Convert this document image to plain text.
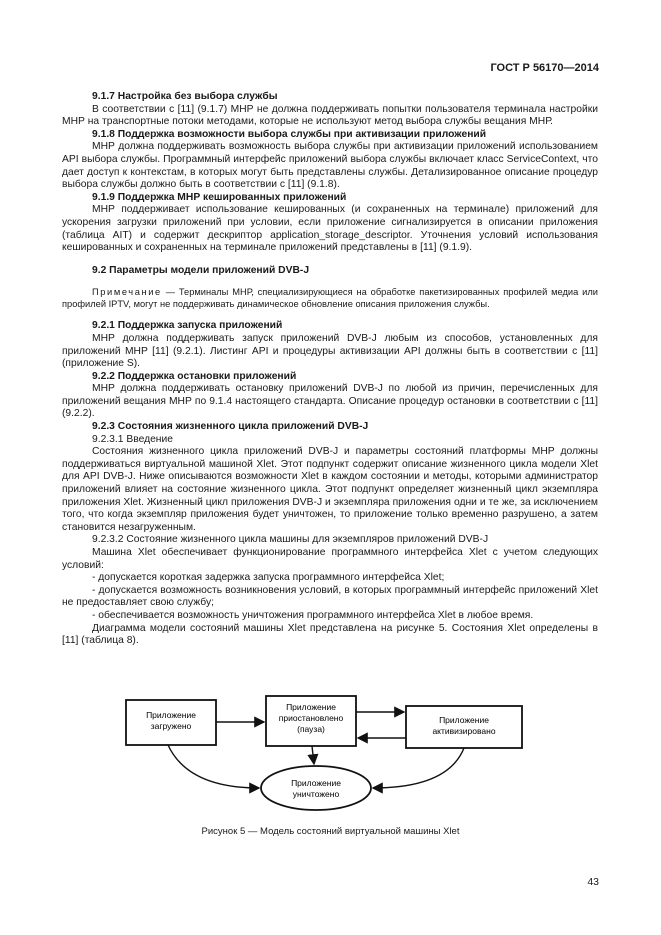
ГОСТ Р 56170—2014

9.1.7 Настройка без выбора службы

В соответствии с [11] (9.1.7) МНР не должна поддерживать попытки пользователя терминала настройки МНР на транспортные потоки методами, которые не используют метод выбора службы вещания МНР.

9.1.8 Поддержка возможности выбора службы при активизации приложений

МНР должна поддерживать возможность выбора службы при активизации приложений использованием API выбора службы. Программный интерфейс приложений выбора службы включает класс ServiceContext, что дает доступ к контекстам, в которых могут быть представлены службы. Детализированное описание процедур выбора службы должно быть в соответствии с [11] (9.1.8).

9.1.9 Поддержка МНР кешированных приложений

МНР поддерживает использование кешированных (и сохраненных на терминале) приложений для ускорения загрузки приложений при условии, если приложение сигнализируется в описании приложения (таблица AIT) и содержит дескриптор application_storage_descriptor. Уточнения условий использования кешированных и сохраненных на терминале приложений представлены в [11] (9.1.9).

9.2 Параметры модели приложений DVB-J

Примечание — Терминалы МНР, специализирующиеся на обработке пакетизированных профилей медиа или профилей IPTV, могут не поддерживать динамическое обновление описания приложения службы.

9.2.1 Поддержка запуска приложений

МНР должна поддерживать запуск приложений DVB-J любым из способов, установленных для приложений МНР [11] (9.2.1). Листинг API и процедуры активизации API должны быть в соответствии с [11] (приложение S).

9.2.2 Поддержка остановки приложений

МНР должна поддерживать остановку приложений DVB-J по любой из причин, перечисленных для приложений вещания МНР по 9.1.4 настоящего стандарта. Описание процедур остановки в соответствии с [11] (9.2.2).

9.2.3 Состояния жизненного цикла приложений DVB-J

9.2.3.1 Введение

Состояния жизненного цикла приложений DVB-J и параметры состояний платформы МНР должны поддерживаться виртуальной машиной Xlet. Этот подпункт содержит описание жизненного цикла модели Xlet для API DVB-J. Ниже описываются возможности Xlet в каждом состоянии и методы, которыми администратор приложений влияет на состояние жизненного цикла. Этот подпункт определяет жизненный цикл экземпляра приложения Xlet. Жизненный цикл приложения DVB-J и экземпляра приложения одни и те же, за исключением того, что когда экземпляр приложения будет уничтожен, то приложение только временно разрушено, а затем становится незагруженным.

9.2.3.2 Состояние жизненного цикла машины для экземпляров приложений DVB-J

Машина Xlet обеспечивает функционирование программного интерфейса Xlet с учетом следующих условий:

- допускается короткая задержка запуска программного интерфейса Xlet;

- допускается возможность возникновения условий, в которых программный интерфейс приложений Xlet не предоставляет свою службу;

- обеспечивается возможность уничтожения программного интерфейса Xlet в любое время.

Диаграмма модели состояний машины Xlet представлена на рисунке 5. Состояния Xlet определены в [11] (таблица 8).

Приложение загружено
Приложение приостановлено (пауза)
Приложение активизировано
Приложение уничтожено
Рисунок 5 — Модель состояний виртуальной машины Xlet
43
